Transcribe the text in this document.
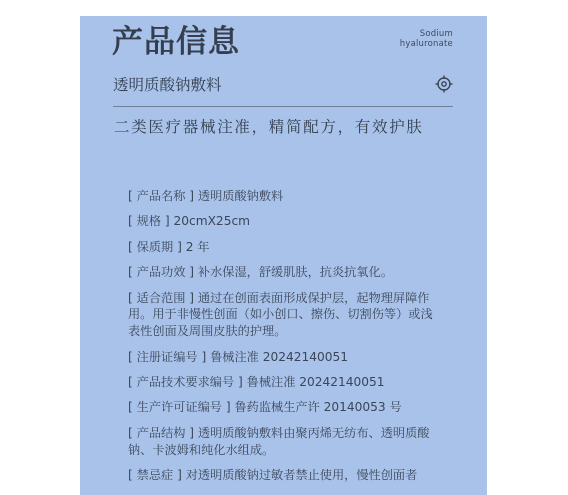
产品信息	Sodium
hyaluronate
透明质酸钠敷料
二类医疗器械注准，精简配方，有效护肤
[ 产品名称 ] 透明质酸钠敷料
[ 规格 ] 20cmX25cm
[ 保质期 ] 2 年
[ 产品功效 ] 补水保湿，舒缓肌肤，抗炎抗氧化。
[ 适合范围 ] 通过在创面表面形成保护层，起物理屏障作用。用于非慢性创面（如小创口、擦伤、切割伤等）或浅表性创面及周围皮肤的护理。
[ 注册证编号 ] 鲁械注准 20242140051
[ 产品技术要求编号 ] 鲁械注准 20242140051
[ 生产许可证编号 ] 鲁药监械生产许 20140053 号
[ 产品结构 ] 透明质酸钠敷料由聚丙烯无纺布、透明质酸钠、卡波姆和纯化水组成。
[ 禁忌症 ] 对透明质酸钠过敏者禁止使用，慢性创面者
